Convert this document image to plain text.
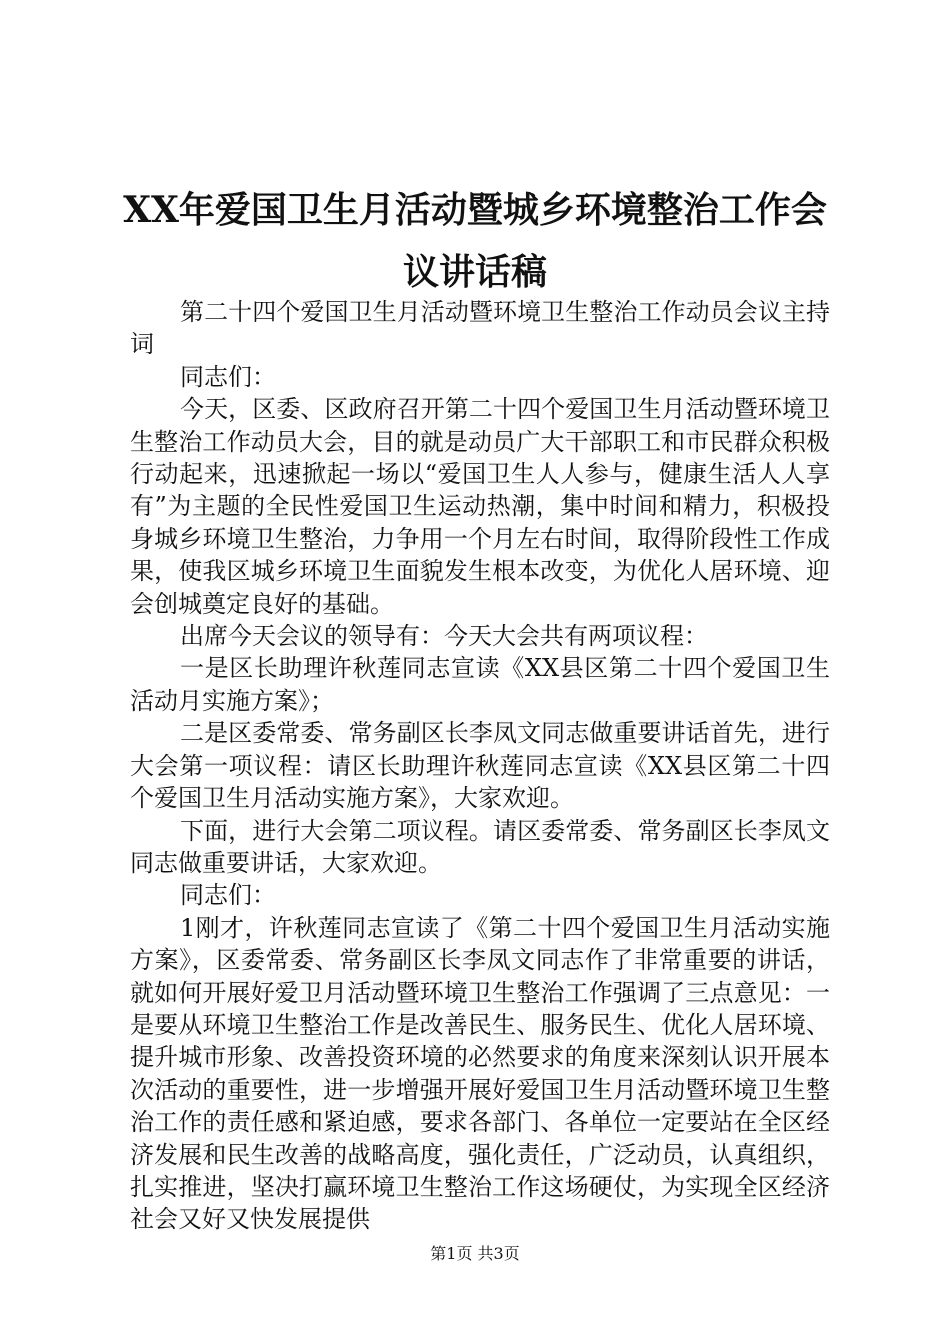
XX年爱国卫生月活动暨城乡环境整治工作会
议讲话稿

第二十四个爱国卫生月活动暨环境卫生整治工作动员会议主持词

同志们：

今天，区委、区政府召开第二十四个爱国卫生月活动暨环境卫生整治工作动员大会，目的就是动员广大干部职工和市民群众积极行动起来，迅速掀起一场以“爱国卫生人人参与，健康生活人人享有”为主题的全民性爱国卫生运动热潮，集中时间和精力，积极投身城乡环境卫生整治，力争用一个月左右时间，取得阶段性工作成果，使我区城乡环境卫生面貌发生根本改变，为优化人居环境、迎会创城奠定良好的基础。

出席今天会议的领导有：今天大会共有两项议程：

一是区长助理许秋莲同志宣读《XX县区第二十四个爱国卫生活动月实施方案》；

二是区委常委、常务副区长李凤文同志做重要讲话首先，进行大会第一项议程：请区长助理许秋莲同志宣读《XX县区第二十四个爱国卫生月活动实施方案》，大家欢迎。

下面，进行大会第二项议程。请区委常委、常务副区长李凤文同志做重要讲话，大家欢迎。

同志们：

1刚才，许秋莲同志宣读了《第二十四个爱国卫生月活动实施方案》，区委常委、常务副区长李凤文同志作了非常重要的讲话，就如何开展好爱卫月活动暨环境卫生整治工作强调了三点意见：一是要从环境卫生整治工作是改善民生、服务民生、优化人居环境、提升城市形象、改善投资环境的必然要求的角度来深刻认识开展本次活动的重要性，进一步增强开展好爱国卫生月活动暨环境卫生整治工作的责任感和紧迫感，要求各部门、各单位一定要站在全区经济发展和民生改善的战略高度，强化责任，广泛动员，认真组织，扎实推进，坚决打赢环境卫生整治工作这场硬仗，为实现全区经济社会又好又快发展提供

第1页 共3页
